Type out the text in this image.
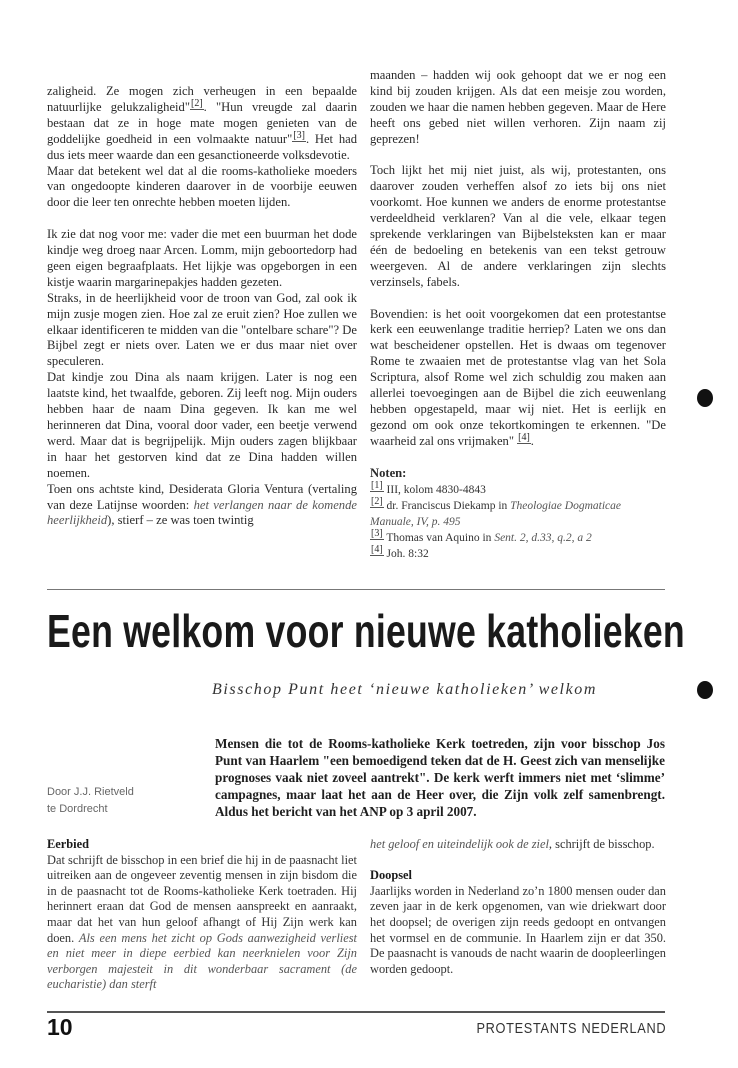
zaligheid. Ze mogen zich verheugen in een bepaalde natuurlijke gelukzaligheid"[2]. "Hun vreugde zal daarin bestaan dat ze in hoge mate mogen genieten van de goddelijke goedheid in een volmaakte natuur"[3]. Het had dus iets meer waarde dan een gesanctioneerde volksdevotie.

Maar dat betekent wel dat al die rooms-katholieke moeders van ongedoopte kinderen daarover in de voorbije eeuwen door die leer ten onrechte hebben moeten lijden.

Ik zie dat nog voor me: vader die met een buurman het dode kindje weg droeg naar Arcen. Lomm, mijn geboortedorp had geen eigen begraafplaats. Het lijkje was opgeborgen in een kistje waarin margarinepakjes hadden gezeten.

Straks, in de heerlijkheid voor de troon van God, zal ook ik mijn zusje mogen zien. Hoe zal ze eruit zien? Hoe zullen we elkaar identificeren te midden van die "ontelbare schare"? De Bijbel zegt er niets over. Laten we er dus maar niet over speculeren.

Dat kindje zou Dina als naam krijgen. Later is nog een laatste kind, het twaalfde, geboren. Zij leeft nog. Mijn ouders hebben haar de naam Dina gegeven. Ik kan me wel herinneren dat Dina, vooral door vader, een beetje verwend werd. Maar dat is begrijpelijk. Mijn ouders zagen blijkbaar in haar het gestorven kind dat ze Dina hadden willen noemen.

Toen ons achtste kind, Desiderata Gloria Ventura (vertaling van deze Latijnse woorden: het verlangen naar de komende heerlijkheid), stierf – ze was toen twintig

maanden – hadden wij ook gehoopt dat we er nog een kind bij zouden krijgen. Als dat een meisje zou worden, zouden we haar die namen hebben gegeven. Maar de Here heeft ons gebed niet willen verhoren. Zijn naam zij geprezen!

Toch lijkt het mij niet juist, als wij, protestanten, ons daarover zouden verheffen alsof zo iets bij ons niet voorkomt. Hoe kunnen we anders de enorme protestantse verdeeldheid verklaren? Van al die vele, elkaar tegen sprekende verklaringen van Bijbelsteksten kan er maar één de bedoeling en betekenis van een tekst getrouw weergeven. Al de andere verklaringen zijn slechts verzinsels, fabels.

Bovendien: is het ooit voorgekomen dat een protestantse kerk een eeuwenlange traditie herriep? Laten we ons dan wat bescheidener opstellen. Het is dwaas om tegenover Rome te zwaaien met de protestantse vlag van het Sola Scriptura, alsof Rome wel zich schuldig zou maken aan allerlei toevoegingen aan de Bijbel die zich eeuwenlang hebben opgestapeld, maar wij niet. Het is eerlijk en gezond om ook onze tekortkomingen te erkennen. "De waarheid zal ons vrijmaken" [4].

Noten:
[1] III, kolom 4830-4843
[2] dr. Franciscus Diekamp in Theologiae Dogmaticae Manuale, IV, p. 495
[3] Thomas van Aquino in Sent. 2, d.33, q.2, a 2
[4] Joh. 8:32
Een welkom voor nieuwe katholieken
Bisschop Punt heet ‘nieuwe katholieken’ welkom
Mensen die tot de Rooms-katholieke Kerk toetreden, zijn voor bisschop Jos Punt van Haarlem "een bemoedigend teken dat de H. Geest zich van menselijke prognoses vaak niet zoveel aantrekt". De kerk werft immers niet met ‘slimme’ campagnes, maar laat het aan de Heer over, die Zijn volk zelf samenbrengt. Aldus het bericht van het ANP op 3 april 2007.
Door J.J. Rietveld
te Dordrecht
Eerbied

Dat schrijft de bisschop in een brief die hij in de paasnacht liet uitreiken aan de ongeveer zeventig mensen in zijn bisdom die in de paasnacht tot de Rooms-katholieke Kerk toetraden. Hij herinnert eraan dat God de mensen aanspreekt en aanraakt, maar dat het van hun geloof afhangt of Hij Zijn werk kan doen. Als een mens het zicht op Gods aanwezigheid verliest en niet meer in diepe eerbied kan neerknielen voor Zijn verborgen majesteit in dit wonderbaar sacrament (de eucharistie) dan sterft

het geloof en uiteindelijk ook de ziel, schrijft de bisschop.

Doopsel

Jaarlijks worden in Nederland zo’n 1800 mensen ouder dan zeven jaar in de kerk opgenomen, van wie driekwart door het doopsel; de overigen zijn reeds gedoopt en ontvangen het vormsel en de communie. In Haarlem zijn er dat 350. De paasnacht is vanouds de nacht waarin de doopleerlingen worden gedoopt.

10	PROTESTANTS NEDERLAND
